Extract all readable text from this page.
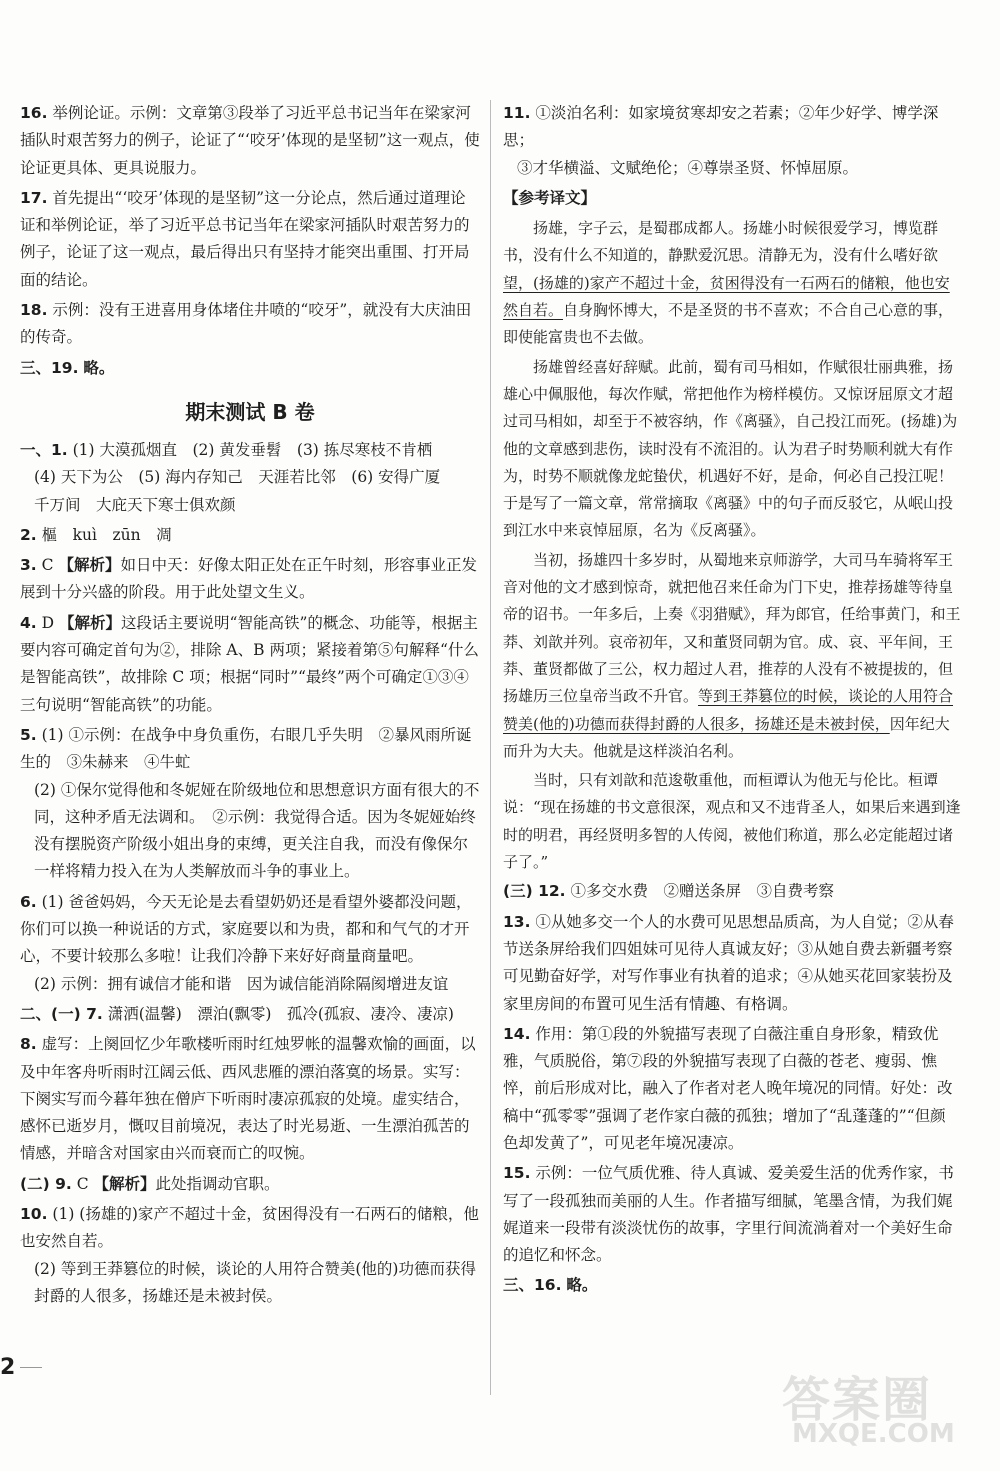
16. 举例论证。示例：文章第③段举了习近平总书记当年在梁家河插队时艰苦努力的例子，论证了“‘咬牙’体现的是坚韧”这一观点，使论证更具体、更具说服力。

17. 首先提出“‘咬牙’体现的是坚韧”这一分论点，然后通过道理论证和举例论证，举了习近平总书记当年在梁家河插队时艰苦努力的例子，论证了这一观点，最后得出只有坚持才能突出重围、打开局面的结论。

18. 示例：没有王进喜用身体堵住井喷的“咬牙”，就没有大庆油田的传奇。

三、19. 略。

期末测试 B 卷

一、1. (1) 大漠孤烟直　(2) 黄发垂髫　(3) 拣尽寒枝不肯栖
(4) 天下为公　(5) 海内存知己　天涯若比邻　(6) 安得广厦
千万间　大庇天下寒士俱欢颜

2. 樞　kuì　zūn　凋

3. C 【解析】如日中天：好像太阳正处在正午时刻，形容事业正发展到十分兴盛的阶段。用于此处望文生义。

4. D 【解析】这段话主要说明“智能高铁”的概念、功能等，根据主要内容可确定首句为②，排除 A、B 两项；紧接着第⑤句解释“什么是智能高铁”，故排除 C 项；根据“同时”“最终”两个可确定①③④三句说明“智能高铁”的功能。

5. (1) ①示例：在战争中身负重伤，右眼几乎失明　②暴风雨所诞生的　③朱赫来　④牛虻
(2) ①保尔觉得他和冬妮娅在阶级地位和思想意识方面有很大的不同，这种矛盾无法调和。　②示例：我觉得合适。因为冬妮娅始终没有摆脱资产阶级小姐出身的束缚，更关注自我，而没有像保尔一样将精力投入在为人类解放而斗争的事业上。

6. (1) 爸爸妈妈，今天无论是去看望奶奶还是看望外婆都没问题，你们可以换一种说话的方式，家庭要以和为贵，都和和气气的才开心，不要计较那么多啦！让我们冷静下来好好商量商量吧。
(2) 示例：拥有诚信才能和谐　因为诚信能消除隔阂增进友谊

二、(一) 7. 潇洒(温馨)　漂泊(飘零)　孤冷(孤寂、凄冷、凄凉)

8. 虚写：上阕回忆少年歌楼听雨时红烛罗帐的温馨欢愉的画面，以及中年客舟听雨时江阔云低、西风悲雁的漂泊落寞的场景。实写：下阕实写而今暮年独在僧庐下听雨时凄凉孤寂的处境。虚实结合，感怀已逝岁月，慨叹目前境况，表达了时光易逝、一生漂泊孤苦的情感，并暗含对国家由兴而衰而亡的叹惋。

(二) 9. C 【解析】此处指调动官职。

10. (1) (扬雄的)家产不超过十金，贫困得没有一石两石的储粮，他也安然自若。
(2) 等到王莽篡位的时候，谈论的人用符合赞美(他的)功德而获得封爵的人很多，扬雄还是未被封侯。

11. ①淡泊名利：如家境贫寒却安之若素；②年少好学、博学深思；
③才华横溢、文赋绝伦；④尊崇圣贤、怀悼屈原。

【参考译文】

扬雄，字子云，是蜀郡成都人。扬雄小时候很爱学习，博览群书，没有什么不知道的，静默爱沉思。清静无为，没有什么嗜好欲望，(扬雄的)家产不超过十金，贫困得没有一石两石的储粮，他也安然自若。自身胸怀博大，不是圣贤的书不喜欢；不合自己心意的事，即使能富贵也不去做。

扬雄曾经喜好辞赋。此前，蜀有司马相如，作赋很壮丽典雅，扬雄心中佩服他，每次作赋，常把他作为榜样模仿。又惊讶屈原文才超过司马相如，却至于不被容纳，作《离骚》，自己投江而死。(扬雄)为他的文章感到悲伤，读时没有不流泪的。认为君子时势顺利就大有作为，时势不顺就像龙蛇蛰伏，机遇好不好，是命，何必自己投江呢！于是写了一篇文章，常常摘取《离骚》中的句子而反驳它，从岷山投到江水中来哀悼屈原，名为《反离骚》。

当初，扬雄四十多岁时，从蜀地来京师游学，大司马车骑将军王音对他的文才感到惊奇，就把他召来任命为门下史，推荐扬雄等待皇帝的诏书。一年多后，上奏《羽猎赋》，拜为郎官，任给事黄门，和王莽、刘歆并列。哀帝初年，又和董贤同朝为官。成、哀、平年间，王莽、董贤都做了三公，权力超过人君，推荐的人没有不被提拔的，但扬雄历三位皇帝当政不升官。等到王莽篡位的时候，谈论的人用符合赞美(他的)功德而获得封爵的人很多，扬雄还是未被封侯，因年纪大而升为大夫。他就是这样淡泊名利。

当时，只有刘歆和范逡敬重他，而桓谭认为他无与伦比。桓谭说：“现在扬雄的书文意很深，观点和又不违背圣人，如果后来遇到逢时的明君，再经贤明多智的人传阅，被他们称道，那么必定能超过诸子了。”

(三) 12. ①多交水费　②赠送条屏　③自费考察

13. ①从她多交一个人的水费可见思想品质高，为人自觉；②从春节送条屏给我们四姐妹可见待人真诚友好；③从她自费去新疆考察可见勤奋好学，对写作事业有执着的追求；④从她买花回家装扮及家里房间的布置可见生活有情趣、有格调。

14. 作用：第①段的外貌描写表现了白薇注重自身形象，精致优雅，气质脱俗，第⑦段的外貌描写表现了白薇的苍老、瘦弱、憔悴，前后形成对比，融入了作者对老人晚年境况的同情。好处：改稿中“孤零零”强调了老作家白薇的孤独；增加了“乱蓬蓬的”“但颜色却发黄了”，可见老年境况凄凉。

15. 示例：一位气质优雅、待人真诚、爱美爱生活的优秀作家，书写了一段孤独而美丽的人生。作者描写细腻，笔墨含情，为我们娓娓道来一段带有淡淡忧伤的故事，字里行间流淌着对一个美好生命的追忆和怀念。

三、16. 略。

2
答案圈
MXQE.COM
